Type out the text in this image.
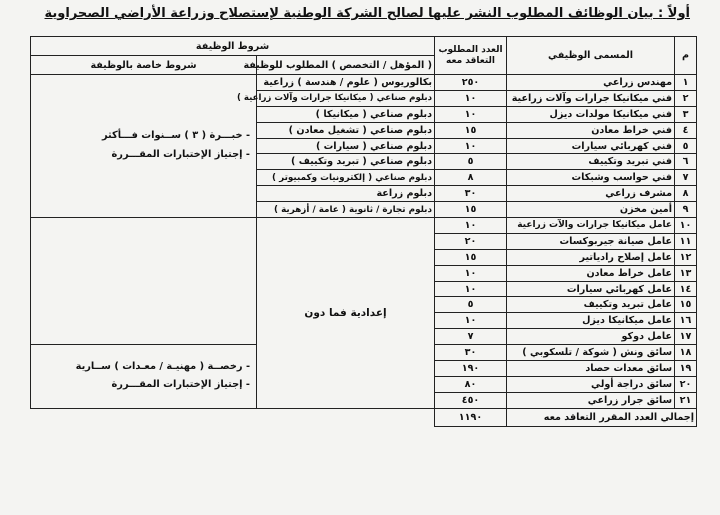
أولاً : بيان الوظائف المطلوب النشر عليها لصالح الشركة الوطنية لإستصلاح وزراعة الأراضي الصحراوية
م	المسمى الوظيفي	العدد المطلوب التعاقد معه	شروط الوظيفة	
			( المؤهل / التخصص ) المطلوب للوظيفة	شروط خاصة بالوظيفة
١	مهندس زراعي	٢٥٠	بكالوريوس ( علوم / هندسة ) زراعية	- خبـــرة ( ٣ ) ســنوات فـــأكثر
- إجتياز الإختبارات المقـــررة

٢	فني ميكانيكا جرارات وآلات زراعية	١٠	دبلوم صناعي ( ميكانيكا جرارات وآلات زراعية )	
٣	فني ميكانيكا مولدات ديزل	١٠	دبلوم صناعي ( ميكانيكا )	
٤	فني خراط معادن	١٥	دبلوم صناعي ( تشغيل معادن )	
٥	فني كهربائي سيارات	١٠	دبلوم صناعي ( سيارات )	
٦	فني تبريد وتكييف	٥	دبلوم صناعي ( تبريد وتكييف )	
٧	فني حواسب وشبكات	٨	دبلوم صناعي ( إلكترونيات وكمبيوتر )	
٨	مشرف زراعي	٣٠	دبلوم زراعة	
٩	أمين مخزن	١٥	دبلوم تجارة / ثانوية ( عامة / أزهرية )	
١٠	عامل ميكانيكا جرارات والآت زراعية	١٠	إعدادية فما دون	
١١	عامل صيانة جيربوكسات	٢٠		
١٢	عامل إصلاح رادياتير	١٥		
١٣	عامل خراط معادن	١٠		
١٤	عامل كهربائي سيارات	١٠		
١٥	عامل تبريد وتكييف	٥		
١٦	عامل ميكانيكا ديزل	١٠		
١٧	عامل دوكو	٧		
١٨	سائق ونش ( شوكة / تلسكوبي )	٣٠		- رخصــة ( مهنيـة / معـدات ) ســارية
- إجتياز الإختبارات المقـــررة

١٩	سائق معدات حصاد	١٩٠		
٢٠	سائق دراجة أولي	٨٠		
٢١	سائق جرار زراعي	٤٥٠		
إجمالي العدد المقرر التعاقد معه		١١٩٠		
